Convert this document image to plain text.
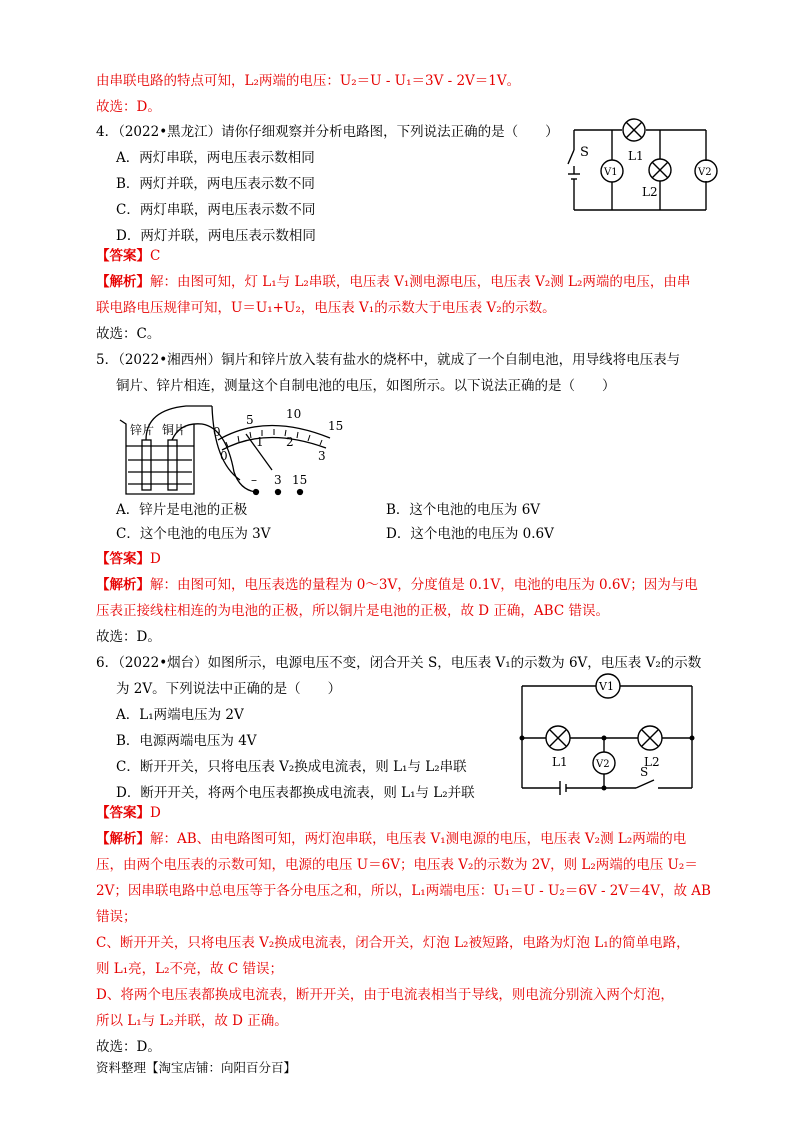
由串联电路的特点可知，L₂两端的电压：U₂＝U - U₁＝3V - 2V＝1V。
故选：D。
4．（2022•黑龙江）请你仔细观察并分析电路图，下列说法正确的是（　　）
A．两灯串联，两电压表示数相同
B．两灯并联，两电压表示数不同
C．两灯串联，两电压表示数不同
D．两灯并联，两电压表示数相同
【答案】C
【解析】解：由图可知，灯 L₁与 L₂串联，电压表 V₁测电源电压，电压表 V₂测 L₂两端的电压，由串
联电路电压规律可知，U＝U₁+U₂，电压表 V₁的示数大于电压表 V₂的示数。
故选：C。
S	L1
L2
V1	V2
5．（2022•湘西州）铜片和锌片放入装有盐水的烧杯中，就成了一个自制电池，用导线将电压表与
铜片、锌片相连，测量这个自制电池的电压，如图所示。以下说法正确的是（　　）
锌片 铜片 0
5	10
15
0
1 2
3
– 3 15
A．锌片是电池的正极	B．这个电池的电压为 6V
C．这个电池的电压为 3V	D．这个电池的电压为 0.6V
【答案】D
【解析】解：由图可知，电压表选的量程为 0～3V，分度值是 0.1V，电池的电压为 0.6V；因为与电
压表正接线柱相连的为电池的正极，所以铜片是电池的正极，故 D 正确，ABC 错误。
故选：D。
6．（2022•烟台）如图所示，电源电压不变，闭合开关 S，电压表 V₁的示数为 6V，电压表 V₂的示数
为 2V。下列说法中正确的是（　　）
A．L₁两端电压为 2V
B．电源两端电压为 4V
C．断开开关，只将电压表 V₂换成电流表，则 L₁与 L₂串联
D．断开开关，将两个电压表都换成电流表，则 L₁与 L₂并联
V1
V2
L1	L2
S
【答案】D
【解析】解：AB、由电路图可知，两灯泡串联，电压表 V₁测电源的电压，电压表 V₂测 L₂两端的电
压，由两个电压表的示数可知，电源的电压 U＝6V；电压表 V₂的示数为 2V，则 L₂两端的电压 U₂＝
2V；因串联电路中总电压等于各分电压之和，所以，L₁两端电压：U₁＝U - U₂＝6V - 2V＝4V，故 AB
错误；
C、断开开关，只将电压表 V₂换成电流表，闭合开关，灯泡 L₂被短路，电路为灯泡 L₁的简单电路，
则 L₁亮，L₂不亮，故 C 错误；
D、将两个电压表都换成电流表，断开开关，由于电流表相当于导线，则电流分别流入两个灯泡，
所以 L₁与 L₂并联，故 D 正确。
故选：D。
资料整理【淘宝店铺：向阳百分百】
